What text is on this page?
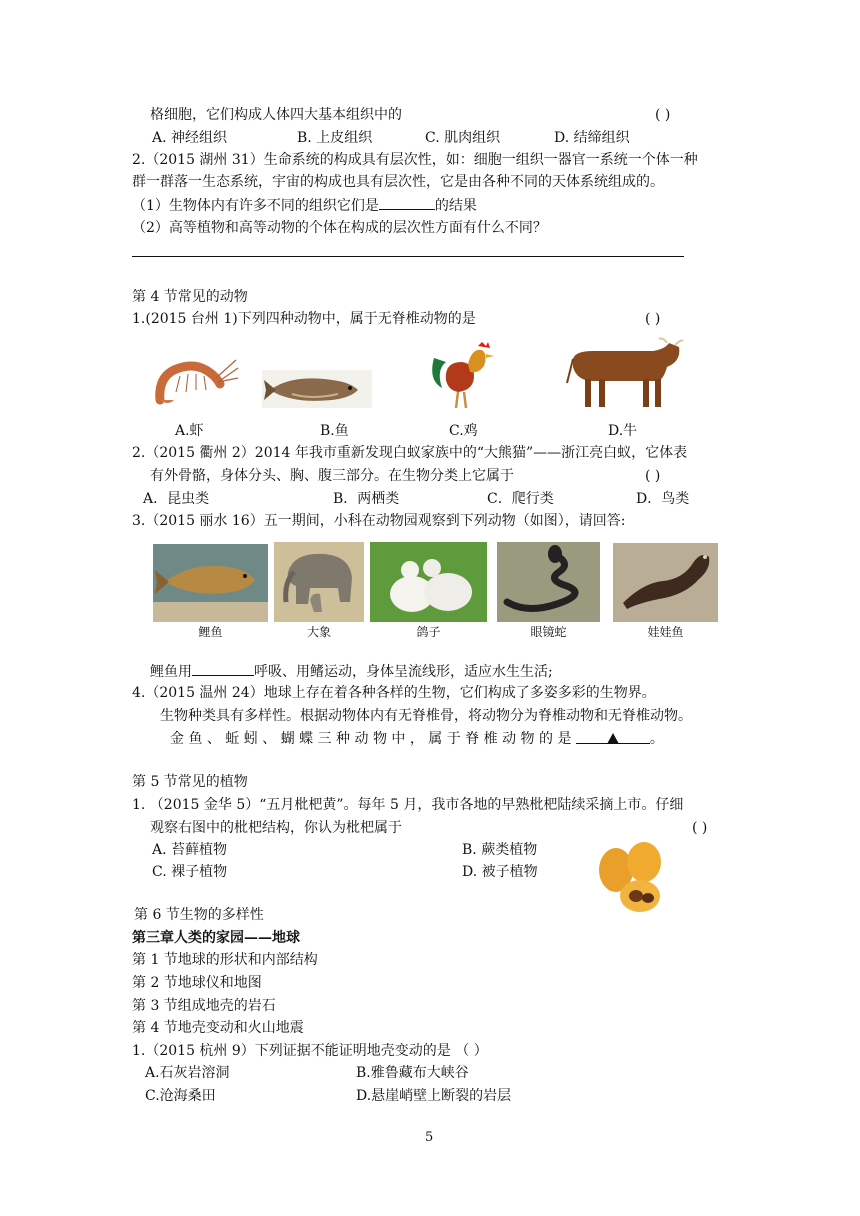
格细胞，它们构成人体四大基本组织中的	( )
A. 神经组织	B. 上皮组织	C. 肌肉组织	D. 结缔组织
2.（2015 湖州 31）生命系统的构成具有层次性，如：细胞一组织一器官一系统一个体一种
群一群落一生态系统，宇宙的构成也具有层次性，它是由各种不同的天体系统组成的。
（1）生物体内有许多不同的组织它们是	的结果
（2）高等植物和高等动物的个体在构成的层次性方面有什么不同？
第 4 节常见的动物
1.(2015 台州 1)下列四种动物中，属于无脊椎动物的是	( )
A.虾	B.鱼	C.鸡	D.牛
2.（2015 衢州 2）2014 年我市重新发现白蚁家族中的“大熊猫”——浙江亮白蚁，它体表
有外骨骼，身体分头、胸、腹三部分。在生物分类上它属于	( )
A．昆虫类	B．两栖类	C．爬行类	D．鸟类
3.（2015 丽水 16）五一期间，小科在动物园观察到下列动物（如图），请回答:
鲤鱼	大象	鸽子	眼镜蛇	娃娃鱼
鲤鱼用	呼吸、用鳍运动，身体呈流线形，适应水生生活;
4.（2015 温州 24）地球上存在着各种各样的生物，它们构成了多姿多彩的生物界。
生物种类具有多样性。根据动物体内有无脊椎骨，将动物分为脊椎动物和无脊椎动物。
金 鱼 、 蚯 蚓 、 蝴 蝶 三 种 动 物 中 ， 属 于 脊 椎 动 物 的 是	。
第 5 节常见的植物
1. （2015 金华 5）“五月枇杷黄”。每年 5 月，我市各地的早熟枇杷陆续采摘上市。仔细
观察右图中的枇杷结构，你认为枇杷属于	( )
A. 苔藓植物	B. 蕨类植物
C. 裸子植物	D. 被子植物
第 6 节生物的多样性
第三章人类的家园——地球
第 1 节地球的形状和内部结构
第 2 节地球仪和地图
第 3 节组成地壳的岩石
第 4 节地壳变动和火山地震
1.（2015 杭州 9）下列证据不能证明地壳变动的是 （ ）
A.石灰岩溶洞	B.雅鲁藏布大峡谷
C.沧海桑田	D.悬崖峭壁上断裂的岩层
5
